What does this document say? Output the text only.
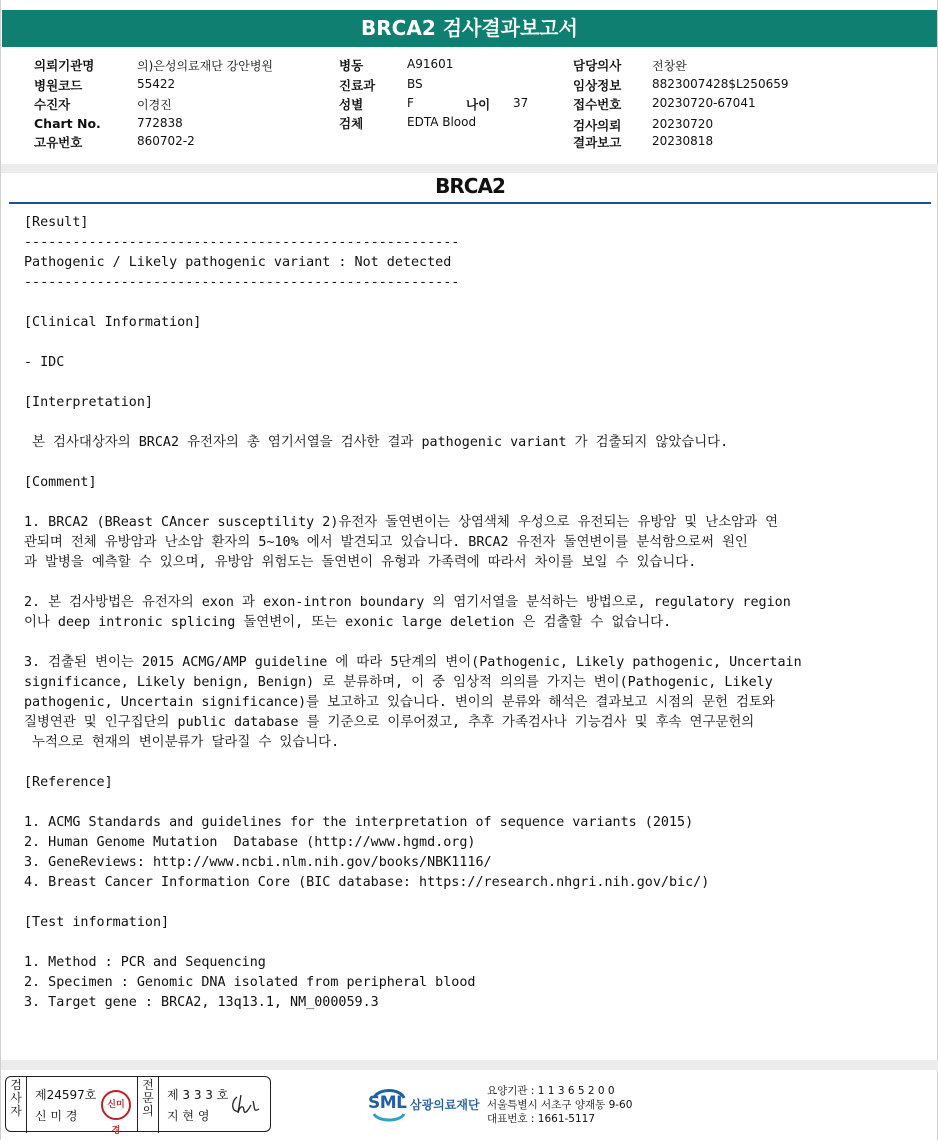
BRCA2 검사결과보고서
의뢰기관명	의)은성의료재단 강안병원
병원코드	55422
수진자	이경진
Chart No.	772838
고유번호	860702-2
병동	A91601
진료과	BS
성별	F	나이 37
검체	EDTA Blood
담당의사	전창완
임상정보	8823007428$L250659
접수번호	20230720-67041
검사의뢰	20230720
결과보고	20230818
BRCA2
[Result]
------------------------------------------------------
Pathogenic / Likely pathogenic variant : Not detected
------------------------------------------------------

[Clinical Information]

- IDC

[Interpretation]

본 검사대상자의 BRCA2 유전자의 총 염기서열을 검사한 결과 pathogenic variant 가 검출되지 않았습니다.

[Comment]

1. BRCA2 (BReast CAncer susceptility 2)유전자 돌연변이는 상염색체 우성으로 유전되는 유방암 및 난소암과 연
관되며 전체 유방암과 난소암 환자의 5~10% 에서 발견되고 있습니다. BRCA2 유전자 돌연변이를 분석함으로써 원인
과 발병을 예측할 수 있으며, 유방암 위험도는 돌연변이 유형과 가족력에 따라서 차이를 보일 수 있습니다.

2. 본 검사방법은 유전자의 exon 과 exon-intron boundary 의 염기서열을 분석하는 방법으로, regulatory region
이나 deep intronic splicing 돌연변이, 또는 exonic large deletion 은 검출할 수 없습니다.

3. 검출된 변이는 2015 ACMG/AMP guideline 에 따라 5단계의 변이(Pathogenic, Likely pathogenic, Uncertain
significance, Likely benign, Benign) 로 분류하며, 이 중 임상적 의의를 가지는 변이(Pathogenic, Likely
pathogenic, Uncertain significance)를 보고하고 있습니다. 변이의 분류와 해석은 결과보고 시점의 문헌 검토와
질병연관 및 인구집단의 public database 를 기준으로 이루어졌고, 추후 가족검사나 기능검사 및 후속 연구문헌의
누적으로 현재의 변이분류가 달라질 수 있습니다.

[Reference]

1. ACMG Standards and guidelines for the interpretation of sequence variants (2015)
2. Human Genome Mutation  Database (http://www.hgmd.org)
3. GeneReviews: http://www.ncbi.nlm.nih.gov/books/NBK1116/
4. Breast Cancer Information Core (BIC database: https://research.nhgri.nih.gov/bic/)

[Test information]

1. Method : PCR and Sequencing
2. Specimen : Genomic DNA isolated from peripheral blood
3. Target gene : BRCA2, 13q13.1, NM_000059.3
검
사
자
제24597호
신 미 경
신미경
전
문
의
제 3 3 3 호
지 현 영
SML 삼광의료재단
요양기관 : 1 1 3 6 5 2 0 0
서울특별시 서초구 양재동 9-60
대표번호 : 1661-5117
